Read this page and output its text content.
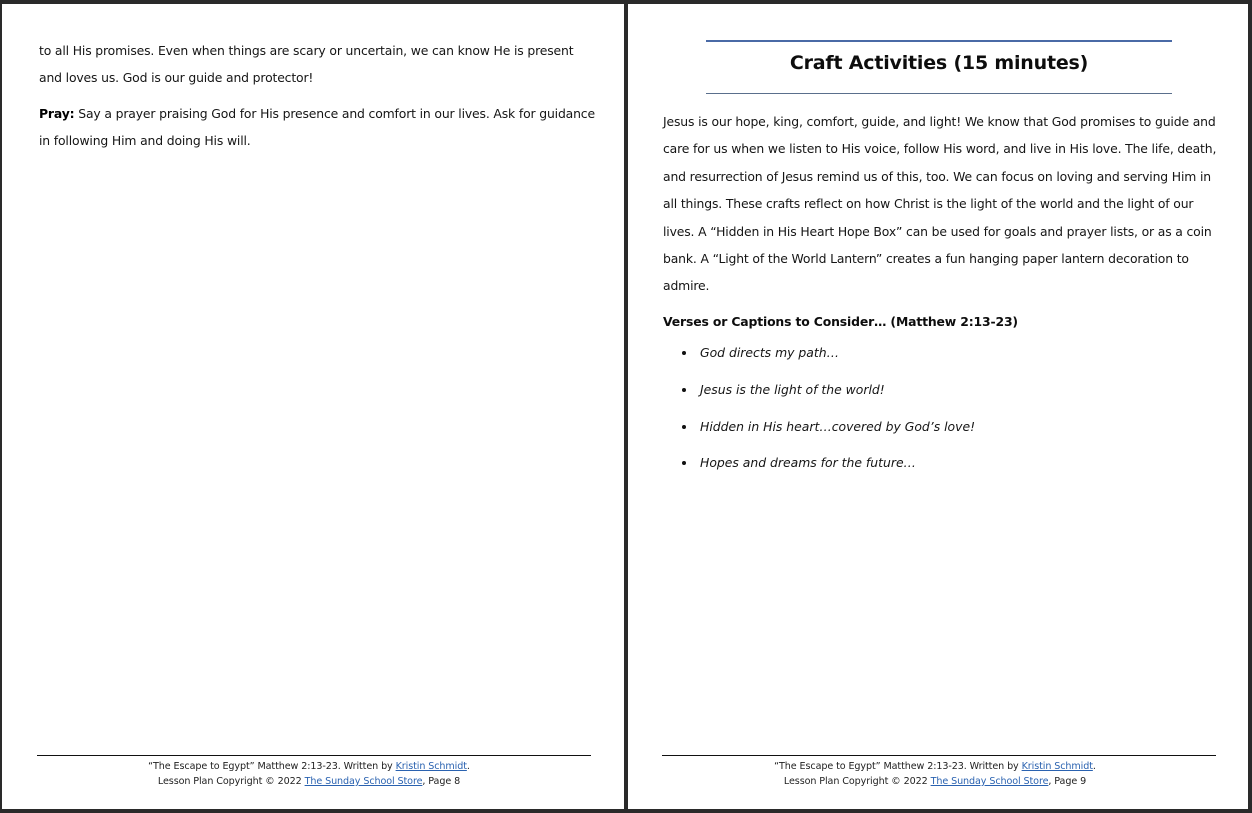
to all His promises. Even when things are scary or uncertain, we can know He is present and loves us. God is our guide and protector!

Pray: Say a prayer praising God for His presence and comfort in our lives. Ask for guidance in following Him and doing His will.

“The Escape to Egypt” Matthew 2:13-23. Written by Kristin Schmidt.
Lesson Plan Copyright © 2022 The Sunday School Store, Page 8
Craft Activities (15 minutes)

Jesus is our hope, king, comfort, guide, and light! We know that God promises to guide and care for us when we listen to His voice, follow His word, and live in His love. The life, death, and resurrection of Jesus remind us of this, too. We can focus on loving and serving Him in all things. These crafts reflect on how Christ is the light of the world and the light of our lives. A “Hidden in His Heart Hope Box” can be used for goals and prayer lists, or as a coin bank. A “Light of the World Lantern” creates a fun hanging paper lantern decoration to admire.

Verses or Captions to Consider… (Matthew 2:13-23)
God directs my path…
Jesus is the light of the world!
Hidden in His heart…covered by God’s love!
Hopes and dreams for the future…
“The Escape to Egypt” Matthew 2:13-23. Written by Kristin Schmidt.
Lesson Plan Copyright © 2022 The Sunday School Store, Page 9
